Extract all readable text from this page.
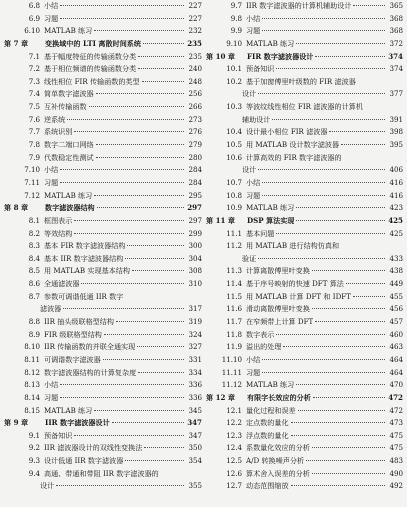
6.8 小结	227
6.9 习题	227
6.10 MATLAB 练习	232
第 7 章	变换域中的 LTI 离散时间系统	235
7.1 基于幅度特征的传输函数分类	235
7.2 基于相位频谱的传输函数分类	240
7.3 线性相位 FIR 传输函数的类型	248
7.4 简单数字滤波器	256
7.5 互补传输函数	266
7.6 逆系统	273
7.7 系统识别	276
7.8 数字二端口网络	279
7.9 代数稳定性测试	280
7.10 小结	284
7.11 习题	284
7.12 MATLAB 练习	295
第 8 章	数字滤波器结构	297
8.1 框图表示	297
8.2 等效结构	299
8.3 基本 FIR 数字滤波器结构	300
8.4 基本 IIR 数字滤波器结构	304
8.5 用 MATLAB 实现基本结构	308
8.6 全通滤波器	310
8.7 参数可调谐低通 IIR 数字
滤波器	317
8.8 IIR 抽头级联格型结构	319
8.9 FIR 级联格型结构	324
8.10 IIR 传输函数的并联全通实现	327
8.11 可调谐数字滤波器	331
8.12 数字滤波器结构的计算复杂度	334
8.13 小结	336
8.14 习题	336
8.15 MATLAB 练习	345
第 9 章	IIR 数字滤波器设计	347
9.1 预备知识	347
9.2 IIR 滤波器设计的双线性变换法	350
9.3 设计低通 IIR 数字滤波器	354
9.4 高通、带通和带阻 IIR 数字滤波器的
设计	355
9.7 IIR 数字滤波器的计算机辅助设计	365
9.8 小结	368
9.9 习题	368
9.10 MATLAB 练习	372
第 10 章	FIR 数字滤波器设计	374
10.1 预备知识	374
10.2 基于加窗傅里叶级数的 FIR 滤波器
设计	377
10.3 等波纹线性相位 FIR 滤波器的计算机
辅助设计	391
10.4 设计最小相位 FIR 滤波器	398
10.5 用 MATLAB 设计数字滤波器	395
10.6 计算高效的 FIR 数字滤波器的
设计	406
10.7 小结	416
10.8 习题	416
10.9 MATLAB 练习	423
第 11 章	DSP 算法实现	425
11.1 基本问题	425
11.2 用 MATLAB 进行结构仿真和
验证	433
11.3 计算离散傅里叶变换	438
11.4 基于序号映射的快速 DFT 算法	449
11.5 用 MATLAB 计算 DFT 和 IDFT	455
11.6 滑动离散傅里叶变换	456
11.7 在窄频带上计算 DFT	457
11.8 数字表示	460
11.9 溢出的处理	463
11.10 小结	464
11.11 习题	464
11.12 MATLAB 练习	470
第 12 章	有限字长效应的分析	472
12.1 量化过程和误差	472
12.2 定点数的量化	473
12.3 浮点数的量化	475
12.4 系数量化效应的分析	475
12.5 A/D 转换噪声分析	483
12.6 算术舍入误差的分析	490
12.7 动态范围缩放	492
